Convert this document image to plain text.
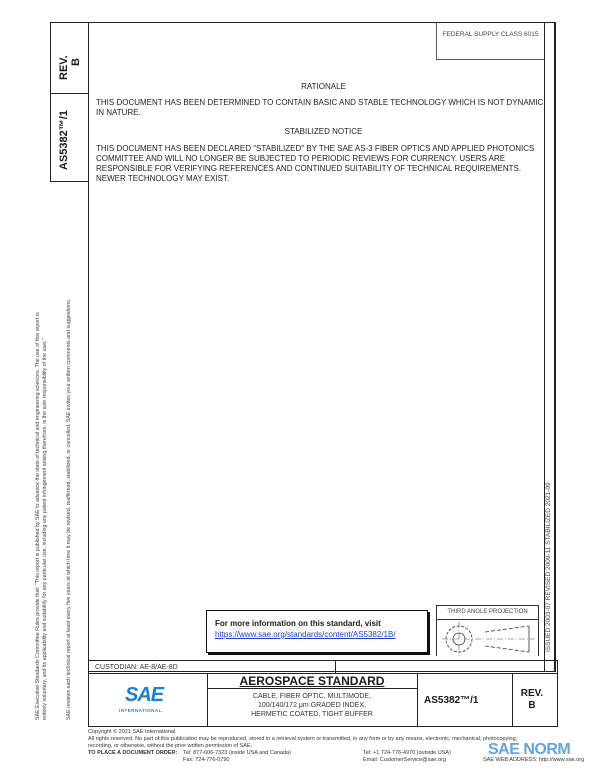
REV. B
AS5382™/1
SAE Executive Standards Committee Rules provide that: "This report is published by SAE to advance the state of technical and engineering sciences. The use of this report is entirely voluntary, and its applicability and suitability for any particular use, including any patent infringement arising therefrom, is the sole responsibility of the user."	SAE reviews each technical report at least every five years at which time it may be revised, reaffirmed, stabilized, or cancelled. SAE invites your written comments and suggestions.	ISSUED 2003-07 REVISED 2009-11 STABILIZED 2021-09
FEDERAL SUPPLY CLASS 6015
RATIONALE
THIS DOCUMENT HAS BEEN DETERMINED TO CONTAIN BASIC AND STABLE TECHNOLOGY WHICH IS NOT DYNAMIC IN NATURE.
STABILIZED NOTICE
THIS DOCUMENT HAS BEEN DECLARED "STABILIZED" BY THE SAE AS-3 FIBER OPTICS AND APPLIED PHOTONICS COMMITTEE AND WILL NO LONGER BE SUBJECTED TO PERIODIC REVIEWS FOR CURRENCY. USERS ARE RESPONSIBLE FOR VERIFYING REFERENCES AND CONTINUED SUITABILITY OF TECHNICAL REQUIREMENTS. NEWER TECHNOLOGY MAY EXIST.
For more information on this standard, visit
https://www.sae.org/standards/content/AS5382/1B/
THIRD ANGLE PROJECTION
CUSTODIAN: AE-8/AE-8D
SAE
INTERNATIONAL.
AEROSPACE STANDARD
CABLE, FIBER OPTIC, MULTIMODE,
100/140/172 μm GRADED INDEX,
HERMETIC COATED, TIGHT BUFFER
AS5382™/1
REV.
B
Copyright © 2021 SAE International
All rights reserved. No part of this publication may be reproduced, stored in a retrieval system or transmitted, in any form or by any means, electronic, mechanical, photocopying,
recording, or otherwise, without the prior written permission of SAE.
TO PLACE A DOCUMENT ORDER:	Tel: 877-606-7323 (inside USA and Canada)
Fax: 724-776-0790
Tel: +1 724-776-4970 (outside USA)
Email: CustomerService@sae.org	SAE WEB ADDRESS: http://www.sae.org
SAE NORM
